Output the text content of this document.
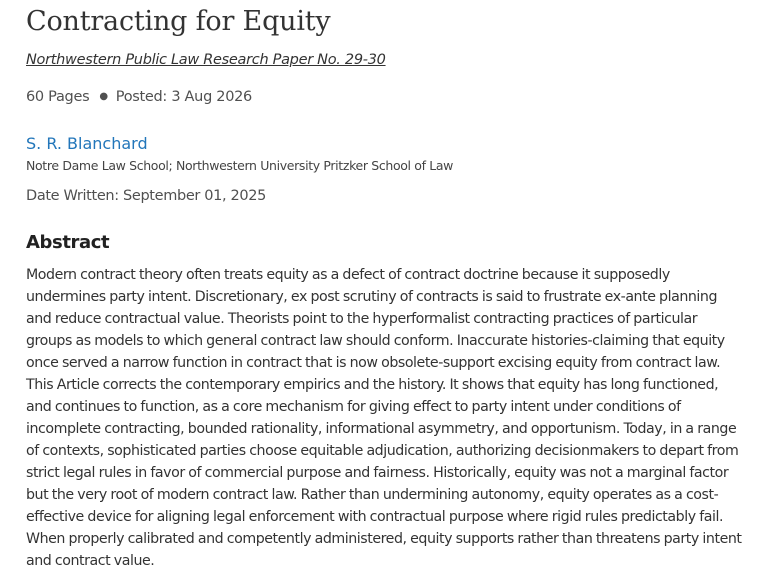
Contracting for Equity
Northwestern Public Law Research Paper No. 29-30
60 Pages ● Posted: 3 Aug 2026
S. R. Blanchard
Notre Dame Law School; Northwestern University Pritzker School of Law
Date Written: September 01, 2025
Abstract

Modern contract theory often treats equity as a defect of contract doctrine because it supposedly undermines party intent. Discretionary, ex post scrutiny of contracts is said to frustrate ex-ante planning and reduce contractual value. Theorists point to the hyperformalist contracting practices of particular groups as models to which general contract law should conform. Inaccurate histories-claiming that equity once served a narrow function in contract that is now obsolete-support excising equity from contract law. This Article corrects the contemporary empirics and the history. It shows that equity has long functioned, and continues to function, as a core mechanism for giving effect to party intent under conditions of incomplete contracting, bounded rationality, informational asymmetry, and opportunism. Today, in a range of contexts, sophisticated parties choose equitable adjudication, authorizing decisionmakers to depart from strict legal rules in favor of commercial purpose and fairness. Historically, equity was not a marginal factor but the very root of modern contract law. Rather than undermining autonomy, equity operates as a cost-effective device for aligning legal enforcement with contractual purpose where rigid rules predictably fail. When properly calibrated and competently administered, equity supports rather than threatens party intent and contract value.
